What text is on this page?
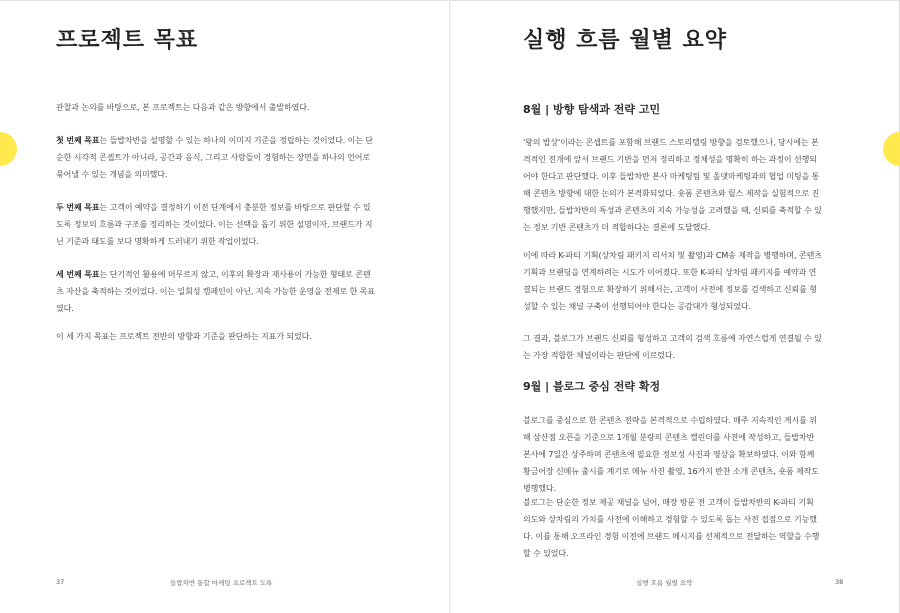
프로젝트 목표

관찰과 논의를 바탕으로, 본 프로젝트는 다음과 같은 방향에서 출발하였다.

첫 번째 목표는 들밥차반을 설명할 수 있는 하나의 이미지 기준을 정립하는 것이었다. 이는 단순한 시각적 콘셉트가 아니라, 공간과 음식, 그리고 사람들이 경험하는 장면을 하나의 언어로 묶어낼 수 있는 개념을 의미했다.

두 번째 목표는 고객이 예약을 결정하기 이전 단계에서 충분한 정보를 바탕으로 판단할 수 있도록 정보의 흐름과 구조를 정리하는 것이었다. 이는 선택을 돕기 위한 설명이자, 브랜드가 지닌 기준과 태도를 보다 명확하게 드러내기 위한 작업이었다.

세 번째 목표는 단기적인 활용에 머무르지 않고, 이후의 확장과 재사용이 가능한 형태로 콘텐츠 자산을 축적하는 것이었다. 이는 일회성 캠페인이 아닌, 지속 가능한 운영을 전제로 한 목표였다.

이 세 가지 목표는 프로젝트 전반의 방향과 기준을 판단하는 지표가 되었다.

37	들밥차반 통합 마케팅 프로젝트 도록
실행 흐름 월별 요약
8월 | 방향 탐색과 전략 고민

'왕의 밥상'이라는 콘셉트를 포함해 브랜드 스토리텔링 방향을 검토했으나, 당시에는 본격적인 전개에 앞서 브랜드 기반을 먼저 정리하고 정체성을 명확히 하는 과정이 선행되어야 한다고 판단했다. 이후 들밥차반 본사 마케팅팀 및 올댓마케팅과의 협업 미팅을 통해 콘텐츠 방향에 대한 논의가 본격화되었다. 숏폼 콘텐츠와 릴스 제작을 실험적으로 진행했지만, 들밥차반의 특성과 콘텐츠의 지속 가능성을 고려했을 때, 신뢰를 축적할 수 있는 정보 기반 콘텐츠가 더 적합하다는 결론에 도달했다.

이에 따라 K-파티 기획(상차림 패키지 리서치 및 촬영)과 CM송 제작을 병행하며, 콘텐츠 기획과 브랜딩을 연계하려는 시도가 이어졌다. 또한 K-파티 상차림 패키지를 예약과 연결되는 브랜드 경험으로 확장하기 위해서는, 고객이 사전에 정보를 검색하고 신뢰를 형성할 수 있는 채널 구축이 선행되어야 한다는 공감대가 형성되었다.

그 결과, 블로그가 브랜드 신뢰를 형성하고 고객의 검색 흐름에 자연스럽게 연결될 수 있는 가장 적합한 채널이라는 판단에 이르렀다.

9월 | 블로그 중심 전략 확정

블로그를 중심으로 한 콘텐츠 전략을 본격적으로 수립하였다. 매주 지속적인 게시를 위해 삼산점 오픈을 기준으로 1개월 분량의 콘텐츠 캘린더를 사전에 작성하고, 들밥차반 본사에 7일간 상주하며 콘텐츠에 필요한 정보성 사진과 영상을 확보하였다. 이와 함께 황금어장 신메뉴 출시를 계기로 메뉴 사진 촬영, 16가지 반찬 소개 콘텐츠, 숏폼 제작도 병행했다.

블로그는 단순한 정보 제공 채널을 넘어, 매장 방문 전 고객이 들밥차반의 K-파티 기획 의도와 상차림의 가치를 사전에 이해하고 경험할 수 있도록 돕는 사전 접점으로 기능했다. 이를 통해 오프라인 경험 이전에 브랜드 메시지를 선제적으로 전달하는 역할을 수행할 수 있었다.

실행 흐름 월별 요약	38
